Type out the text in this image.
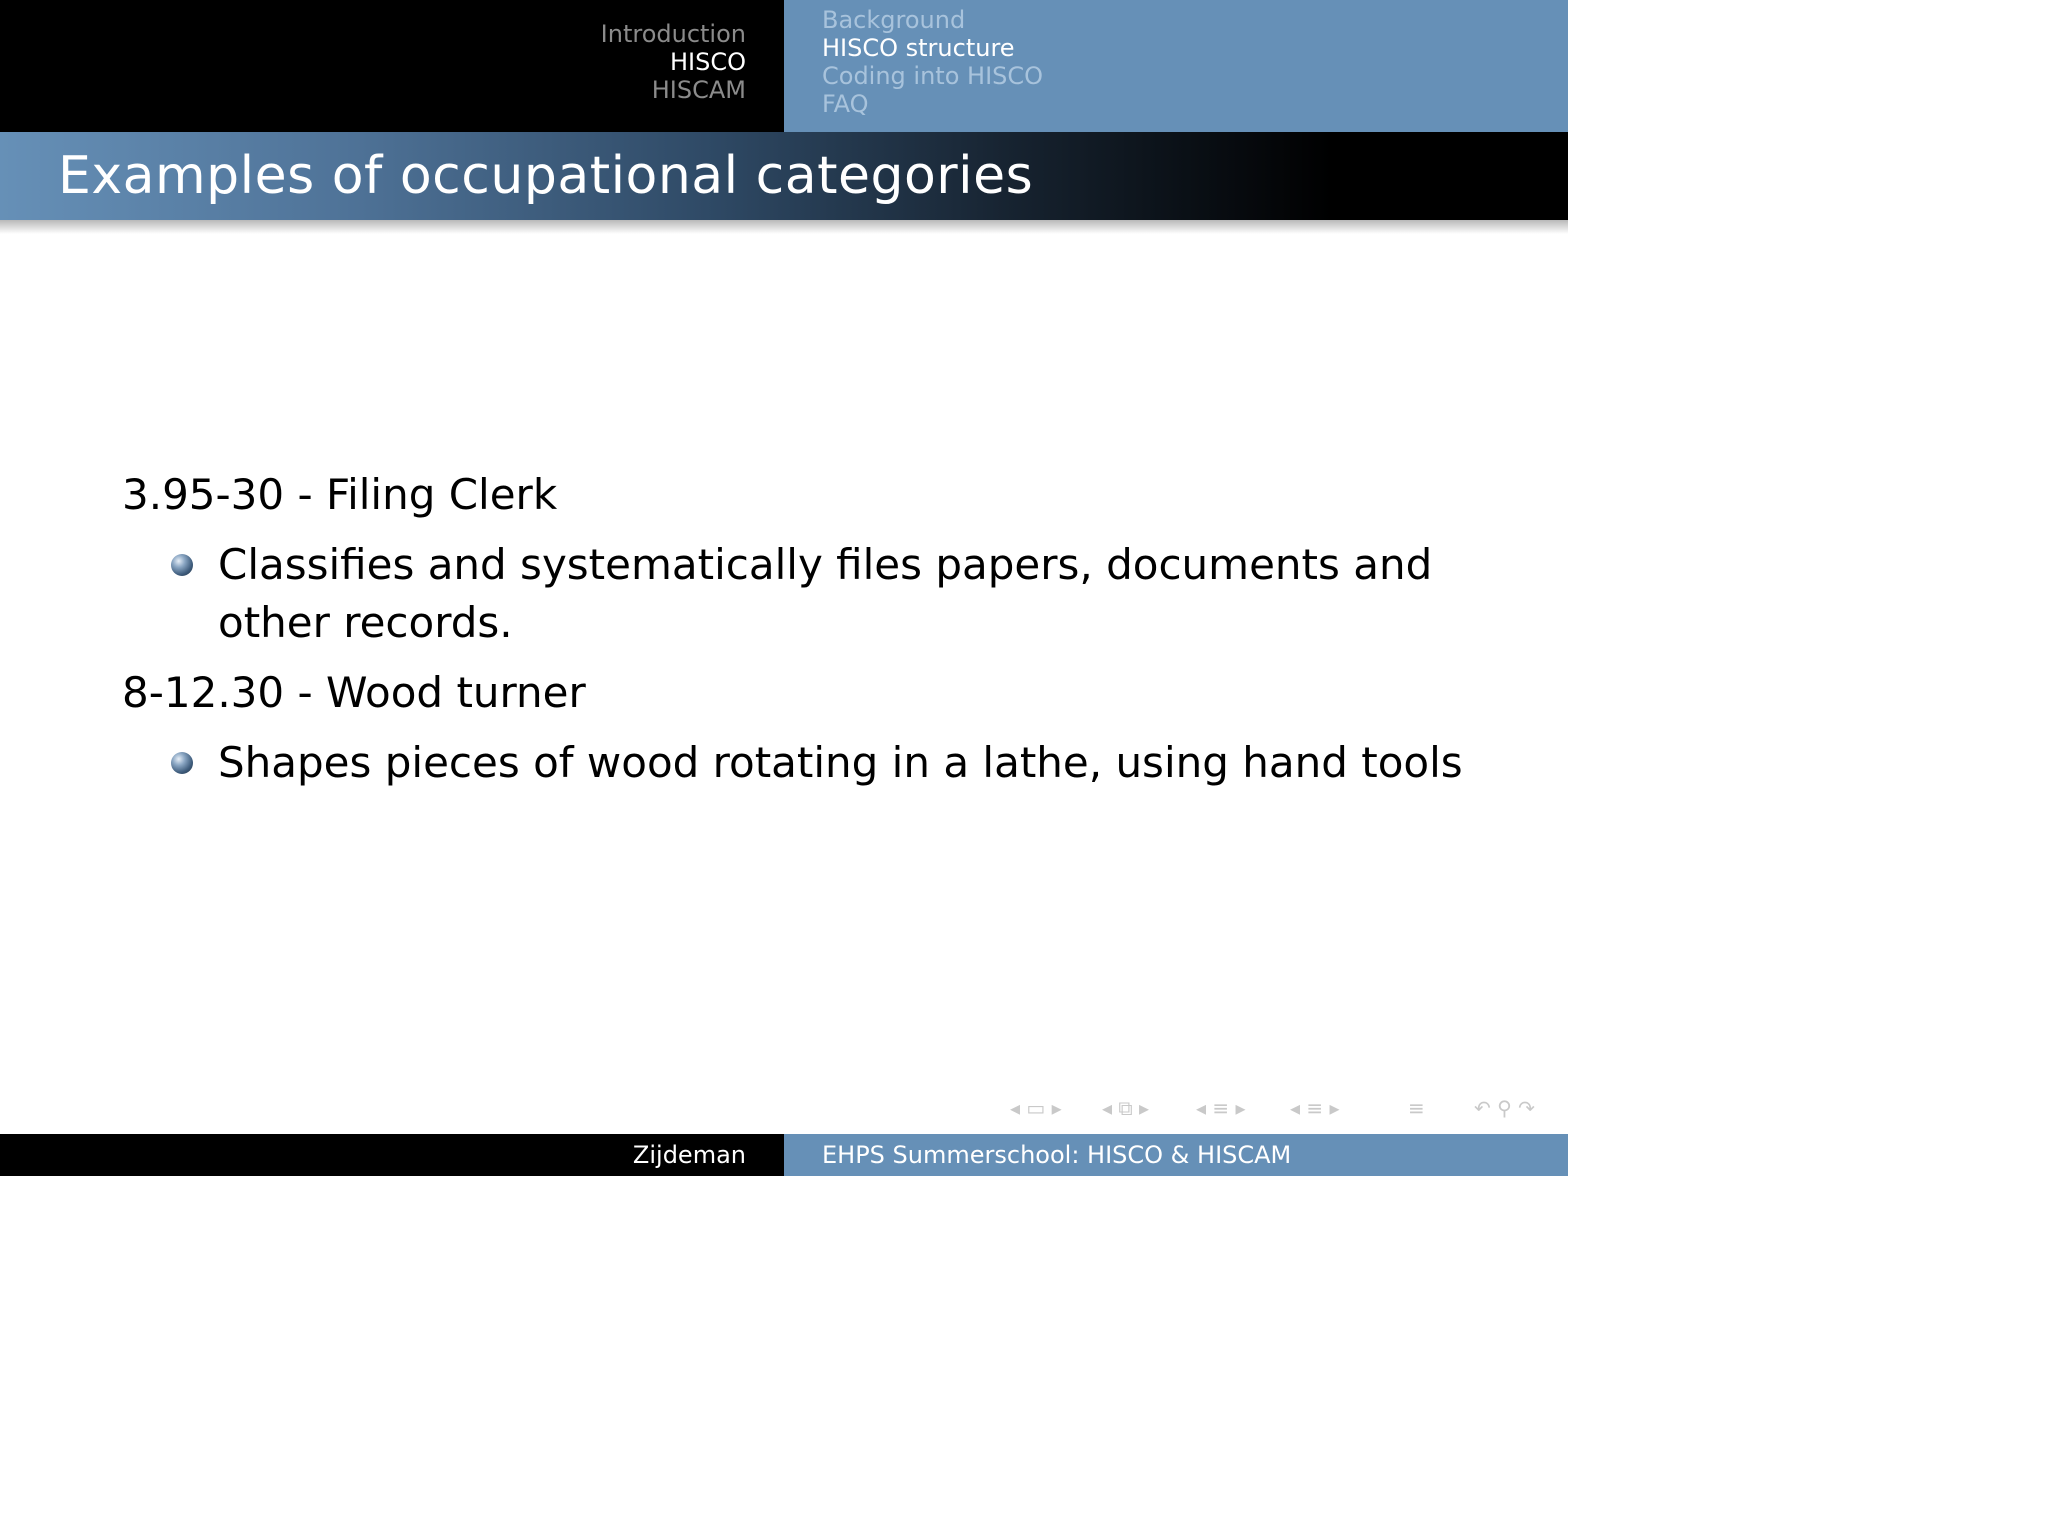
Introduction
HISCO
HISCAM
Background
HISCO structure
Coding into HISCO
FAQ
Examples of occupational categories

3.95-30 - Filing Clerk

Classifies and systematically files papers, documents and other records.

8-12.30 - Wood turner

Shapes pieces of wood rotating in a lathe, using hand tools
◂ ▭ ▸ ◂ ⧉ ▸ ◂ ≡ ▸ ◂ ≡ ▸	≡ ↶ ⚲ ↷
Zijdeman	EHPS Summerschool: HISCO & HISCAM
